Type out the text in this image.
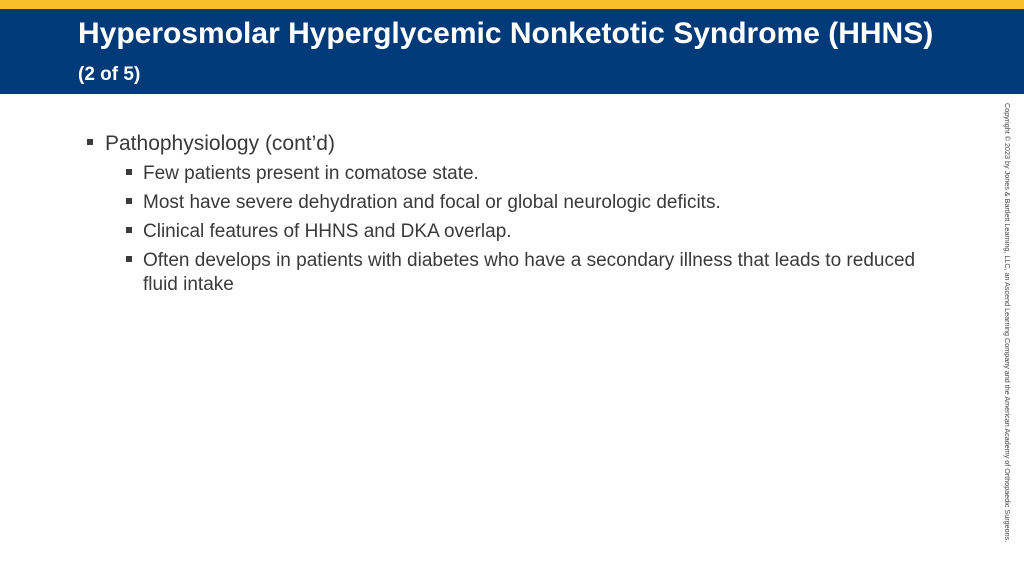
Hyperosmolar Hyperglycemic Nonketotic Syndrome (HHNS) (2 of 5)
Pathophysiology (cont’d)
Few patients present in comatose state.
Most have severe dehydration and focal or global neurologic deficits.
Clinical features of HHNS and DKA overlap.
Often develops in patients with diabetes who have a secondary illness that leads to reduced fluid intake	Copyright © 2023 by Jones & Bartlett Learning, LLC, an Ascend Learning Company and the American Academy of Orthopaedic Surgeons.
